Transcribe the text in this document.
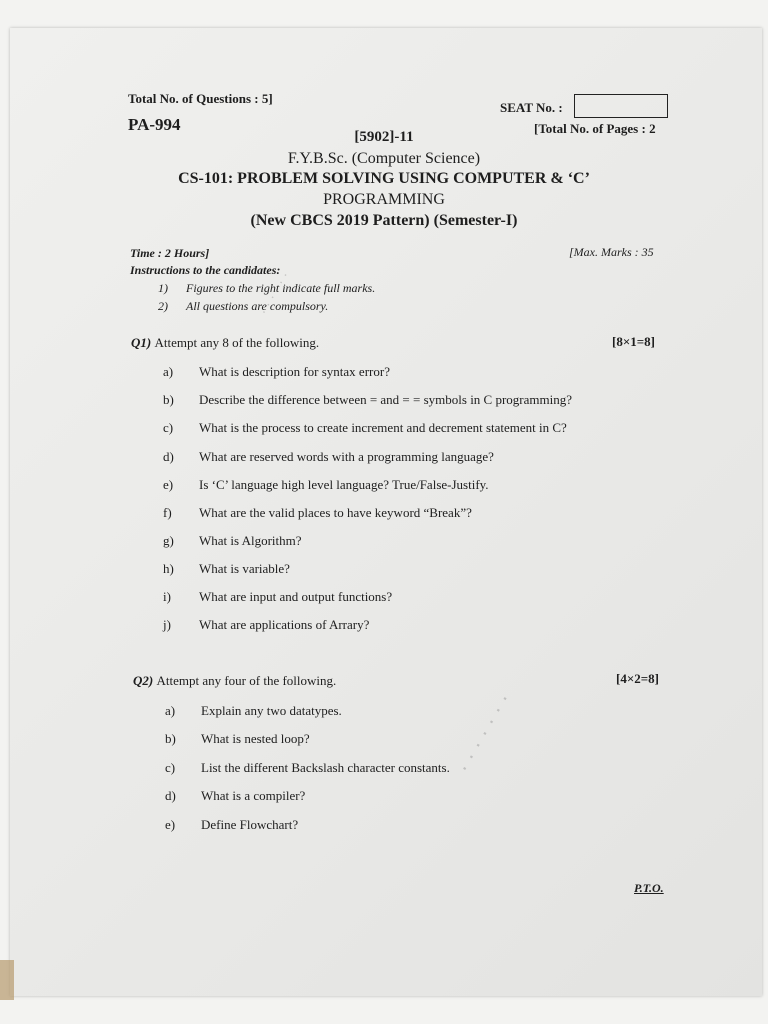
· · · · · ·
· · · · · · ·
Total No. of Questions : 5]
PA-994
SEAT No. :
[Total No. of Pages : 2
[5902]-11
F.Y.B.Sc. (Computer Science)
CS-101: PROBLEM SOLVING USING COMPUTER & ‘C’
PROGRAMMING
(New CBCS 2019 Pattern) (Semester-I)
Time : 2 Hours]	[Max. Marks : 35
Instructions to the candidates:
1) Figures to the right indicate full marks.
2) All questions are compulsory.
Q1) Attempt any 8 of the following.	[8×1=8]
a) What is description for syntax error?
b) Describe the difference between = and = = symbols in C programming?
c) What is the process to create increment and decrement statement in C?
d) What are reserved words with a programming language?
e) Is ‘C’ language high level language? True/False-Justify.
f) What are the valid places to have keyword “Break”?
g) What is Algorithm?
h) What is variable?
i) What are input and output functions?
j) What are applications of Arrary?
Q2) Attempt any four of the following.	[4×2=8]
a) Explain any two datatypes.
b) What is nested loop?
c) List the different Backslash character constants.
d) What is a compiler?
e) Define Flowchart?
P.T.O.
